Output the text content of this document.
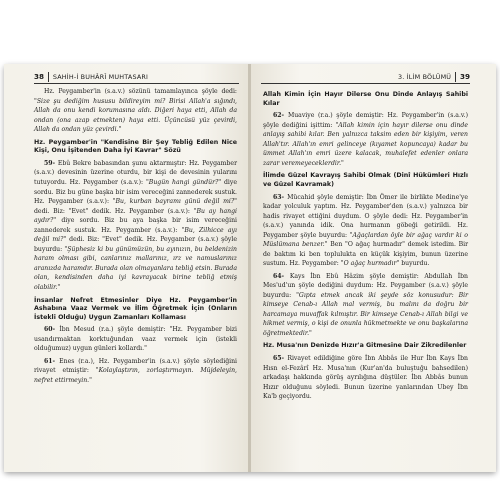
38 SAHİH-İ BUHÂRÎ MUHTASARI

Hz. Peygamber'in (s.a.v.) sözünü tamamlayınca şöyle dedi: "Size şu dediğim hususu bildireyim mi? Birisi Allah'a sığındı, Allah da onu kendi korumasına aldı. Diğeri haya etti, Allah da ondan (ona azap etmekten) haya etti. Üçüncüsü yüz çevirdi, Allah da ondan yüz çevirdi."

Hz. Peygamber'in "Kendisine Bir Şey Tebliğ Edilen Nice Kişi, Onu İşitenden Daha İyi Kavrar" Sözü

59- Ebû Bekre babasından şunu aktarmıştır: Hz. Peygamber (s.a.v.) devesinin üzerine oturdu, bir kişi de devesinin yularını tutuyordu. Hz. Peygamber (s.a.v.): "Bugün hangi gündür?" diye sordu. Biz bu güne başka bir isim vereceğini zannederek sustuk. Hz. Peygamber (s.a.v.): "Bu, kurban bayramı günü değil mi?" dedi. Biz: "Evet" dedik. Hz. Peygamber (s.a.v.): "Bu ay hangi aydır?" diye sordu. Biz bu aya başka bir isim vereceğini zannederek sustuk. Hz. Peygamber (s.a.v.): "Bu, Zilhicce ayı değil mi?" dedi. Biz: "Evet" dedik. Hz. Peygamber (s.a.v.) şöyle buyurdu: "Şüphesiz ki bu günümüzün, bu ayınızın, bu beldenizin haram olması gibi, canlarınız mallarınız, ırz ve namuslarınız aranızda haramdır. Burada olan olmayanlara tebliğ etsin. Burada olan, kendisinden daha iyi kavrayacak birine tebliğ etmiş olabilir."

İnsanlar Nefret Etmesinler Diye Hz. Peygamber'in Ashabına Vaaz Vermek ve İlim Öğretmek İçin (Onların İstekli Olduğu) Uygun Zamanları Kollaması

60- İbn Mesud (r.a.) şöyle demiştir: "Hz. Peygamber bizi usandırmaktan korktuğundan vaaz vermek için (istekli olduğumuz) uygun günleri kollardı."

61- Enes (r.a.), Hz. Peygamber'in (s.a.v.) şöyle söylediğini rivayet etmiştir: "Kolaylaştırın, zorlaştırmayın. Müjdeleyin, nefret ettirmeyin."

3. İLİM BÖLÜMÜ 39
Allah Kimin İçin Hayır Dilerse Onu Dinde Anlayış Sahibi Kılar

62- Muaviye (r.a.) şöyle demiştir: Hz. Peygamber'in (s.a.v.) şöyle dediğini işittim: "Allah kimin için hayır dilerse onu dinde anlayış sahibi kılar. Ben yalnızca taksim eden bir kişiyim, veren Allah'tır. Allah'ın emri gelinceye (kıyamet kopuncaya) kadar bu ümmet Allah'ın emri üzere kalacak, muhalefet edenler onlara zarar veremeyeceklerdir."

İlimde Güzel Kavrayış Sahibi Olmak (Dinî Hükümleri Hızlı ve Güzel Kavramak)

63- Mücahid şöyle demiştir: İbn Ömer ile birlikte Medine'ye kadar yolculuk yaptım. Hz. Peygamber'den (s.a.v.) yalnızca bir hadis rivayet ettiğini duydum. O şöyle dedi: Hz. Peygamber'in (s.a.v.) yanında idik. Ona hurmanın göbeği getirildi. Hz. Peygamber şöyle buyurdu: "Ağaçlardan öyle bir ağaç vardır ki o Müslümana benzer." Ben "O ağaç hurmadır" demek istedim. Bir de baktım ki ben toplulukta en küçük kişiyim, bunun üzerine sustum. Hz. Peygamber: "O ağaç hurmadır" buyurdu.

64- Kays İbn Ebû Hâzim şöyle demiştir: Abdullah İbn Mes'ud'un şöyle dediğini duydum: Hz. Peygamber (s.a.v.) şöyle buyurdu: "Gıpta etmek ancak iki şeyde söz konusudur: Bir kimseye Cenab-ı Allah mal vermiş, bu malını da doğru bir harcamaya muvaffak kılmıştır. Bir kimseye Cenab-ı Allah bilgi ve hikmet vermiş, o kişi de onunla hükmetmekte ve onu başkalarına öğretmektedir."

Hz. Musa'nın Denizde Hızır'a Gitmesine Dair Zikredilenler

65- Rivayet edildiğine göre İbn Abbâs ile Hur İbn Kays İbn Hısn el-Fezârî Hz. Musa'nın (Kur'an'da buluştuğu bahsedilen) arkadaşı hakkında görüş ayrılığına düştüler. İbn Abbâs bunun Hızır olduğunu söyledi. Bunun üzerine yanlarından Ubey İbn Ka'b geçiyordu.
